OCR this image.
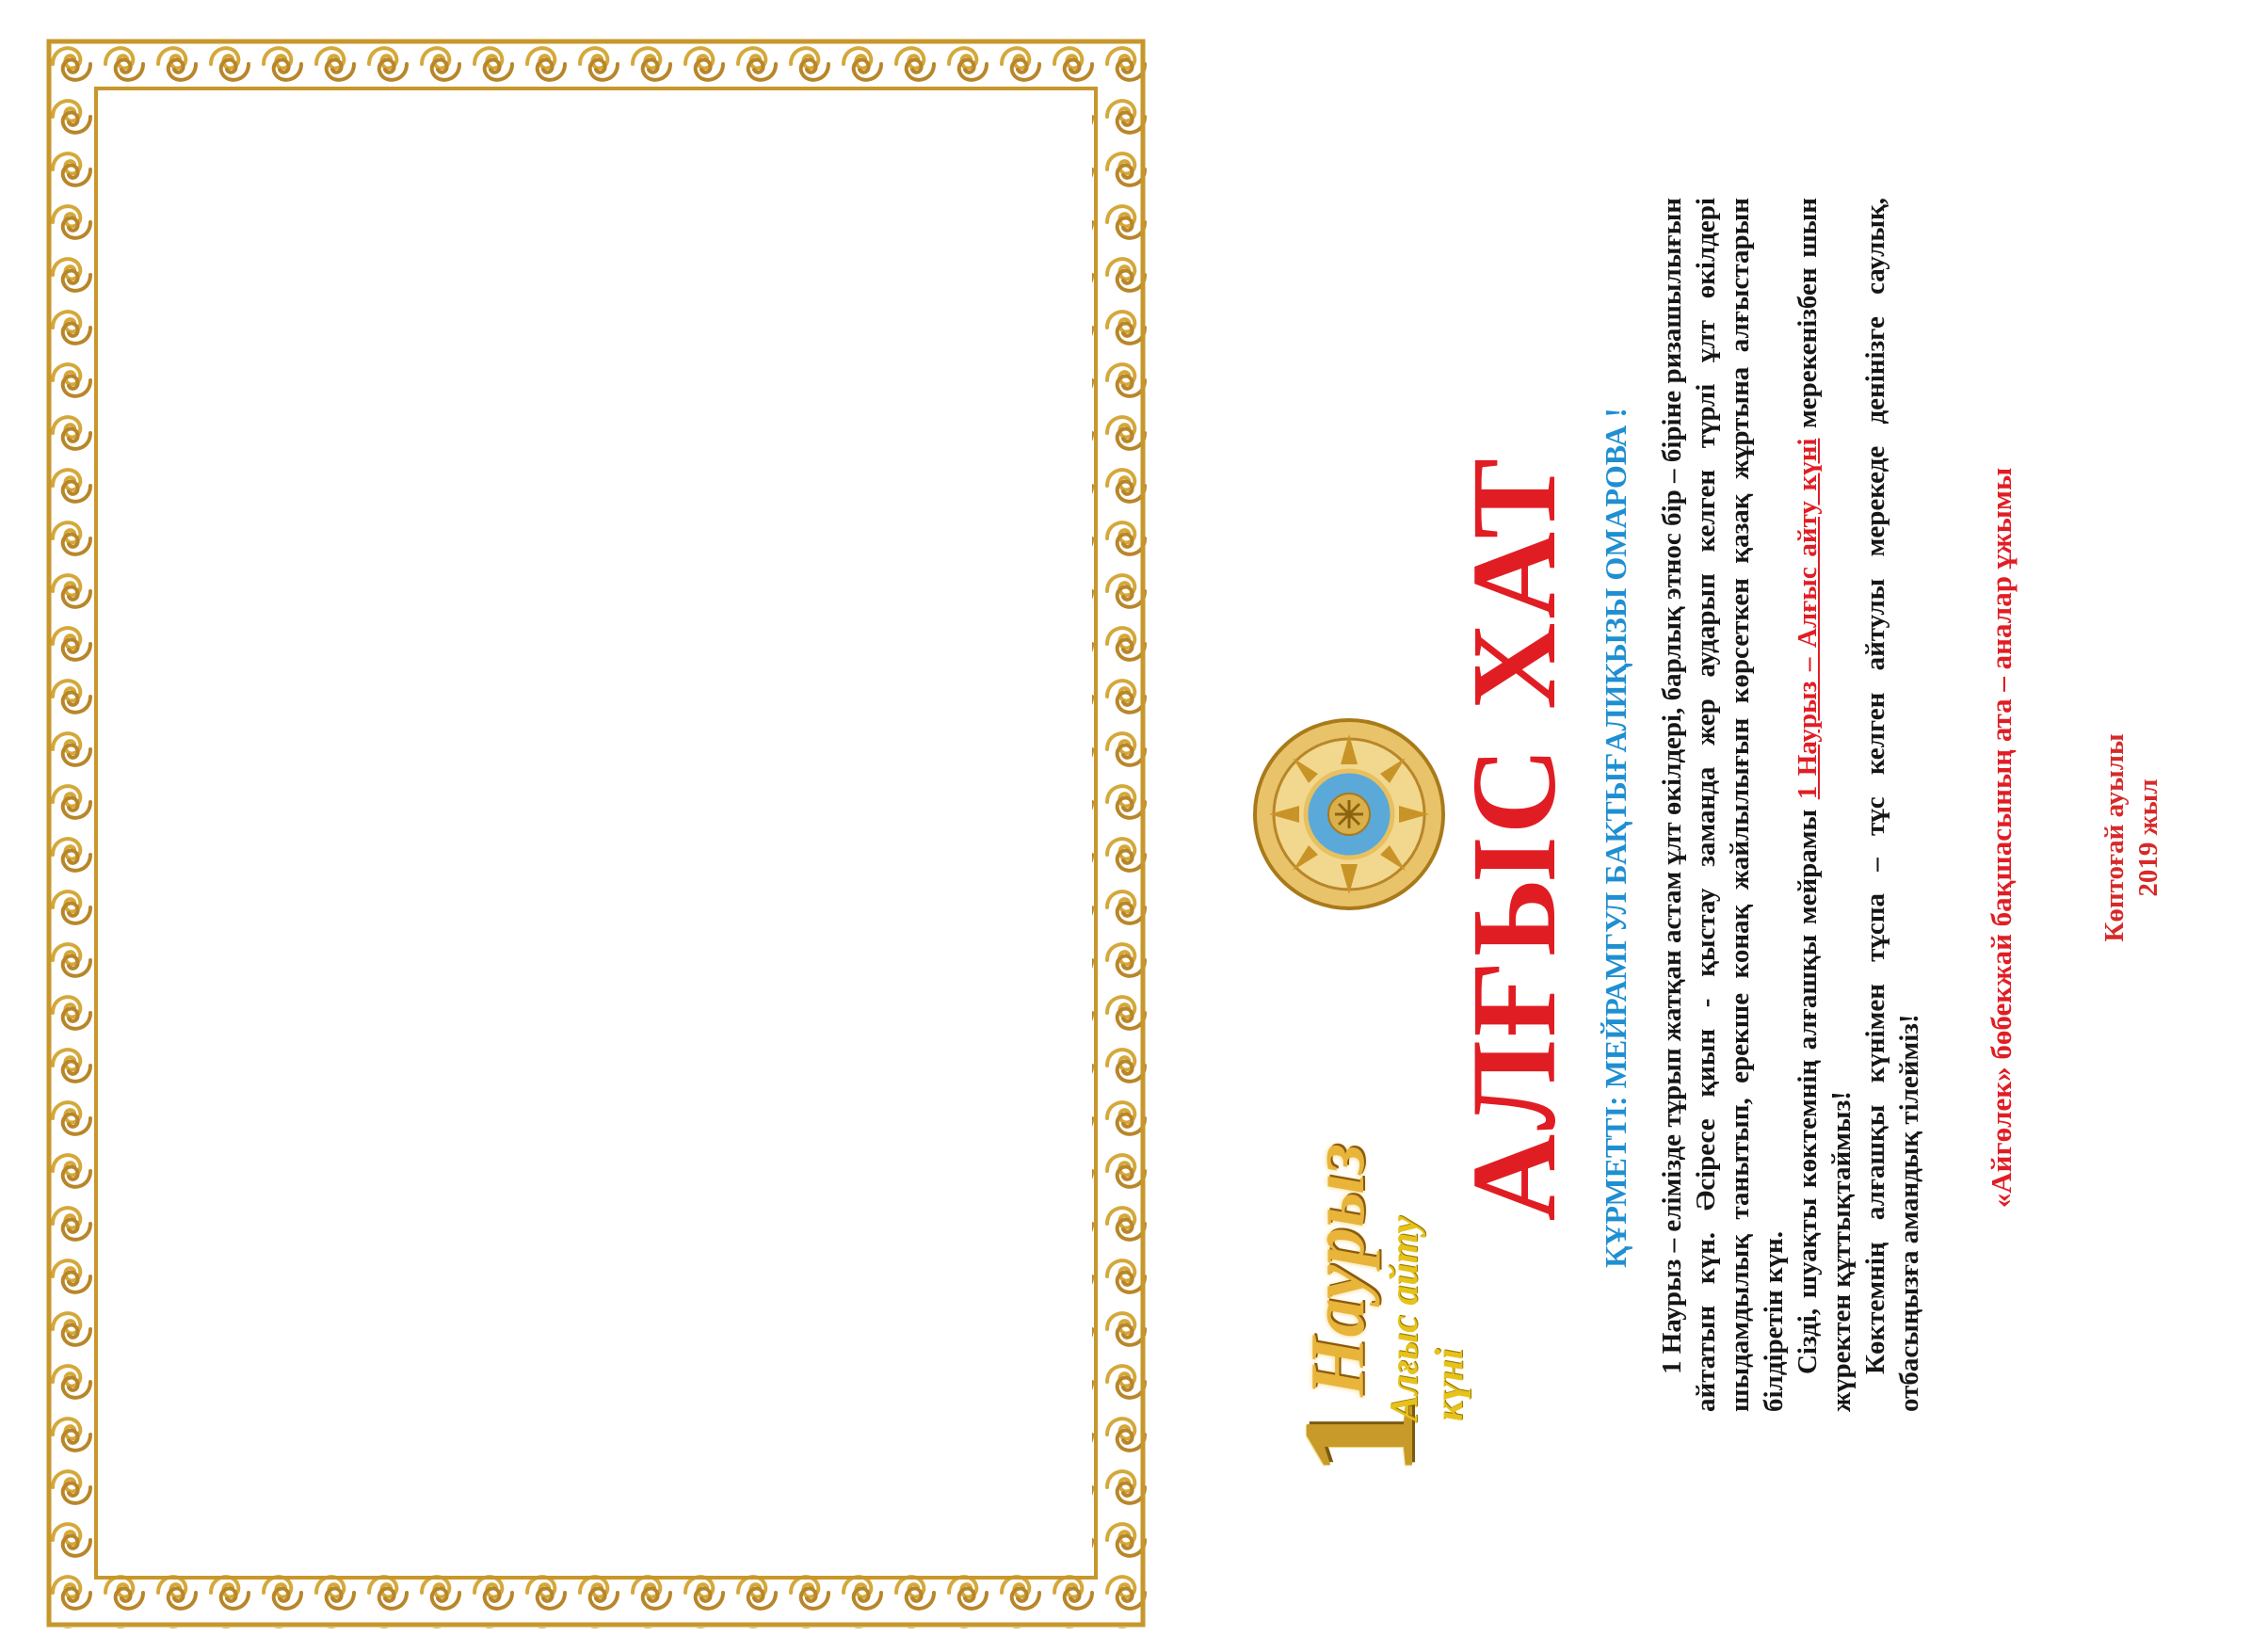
1
Наурыз Алғыс айту күні
АЛҒЫС ХАТ ҚҰРМЕТТІ: МЕЙРАМГУЛ БАҚТЫҒАЛИҚЫЗЫ ОМАРОВА ! 1 Наурыз – елімізде тұрып жатқан астам ұлт өкілдері, барлық этнос бір – біріне ризашылығын айтатын күн. Әсіресе қиын - қыстау заманда жер аударып келген түрлі ұлт өкілдері шыдамдылық танытып, ерекше конақ жайлылығын көрсеткен қазақ жұртына алғыстарын білдіретін күн. Сізді, шуақты көктемнің алғашқы мейрамы 1 Наурыз – Алғыс айту күні мерекенізбен шын жүректен құттықтаймыз! Көктемнің алғашқы күнімен тұспа – тұс келген айтулы мерекеде денінізге саулық, отбасыңызға амандық тілейміз!

«Айгөлек» бөбекжай бақшасының ата – аналар ұжымы	Көптоғай ауылы 2019 жыл
